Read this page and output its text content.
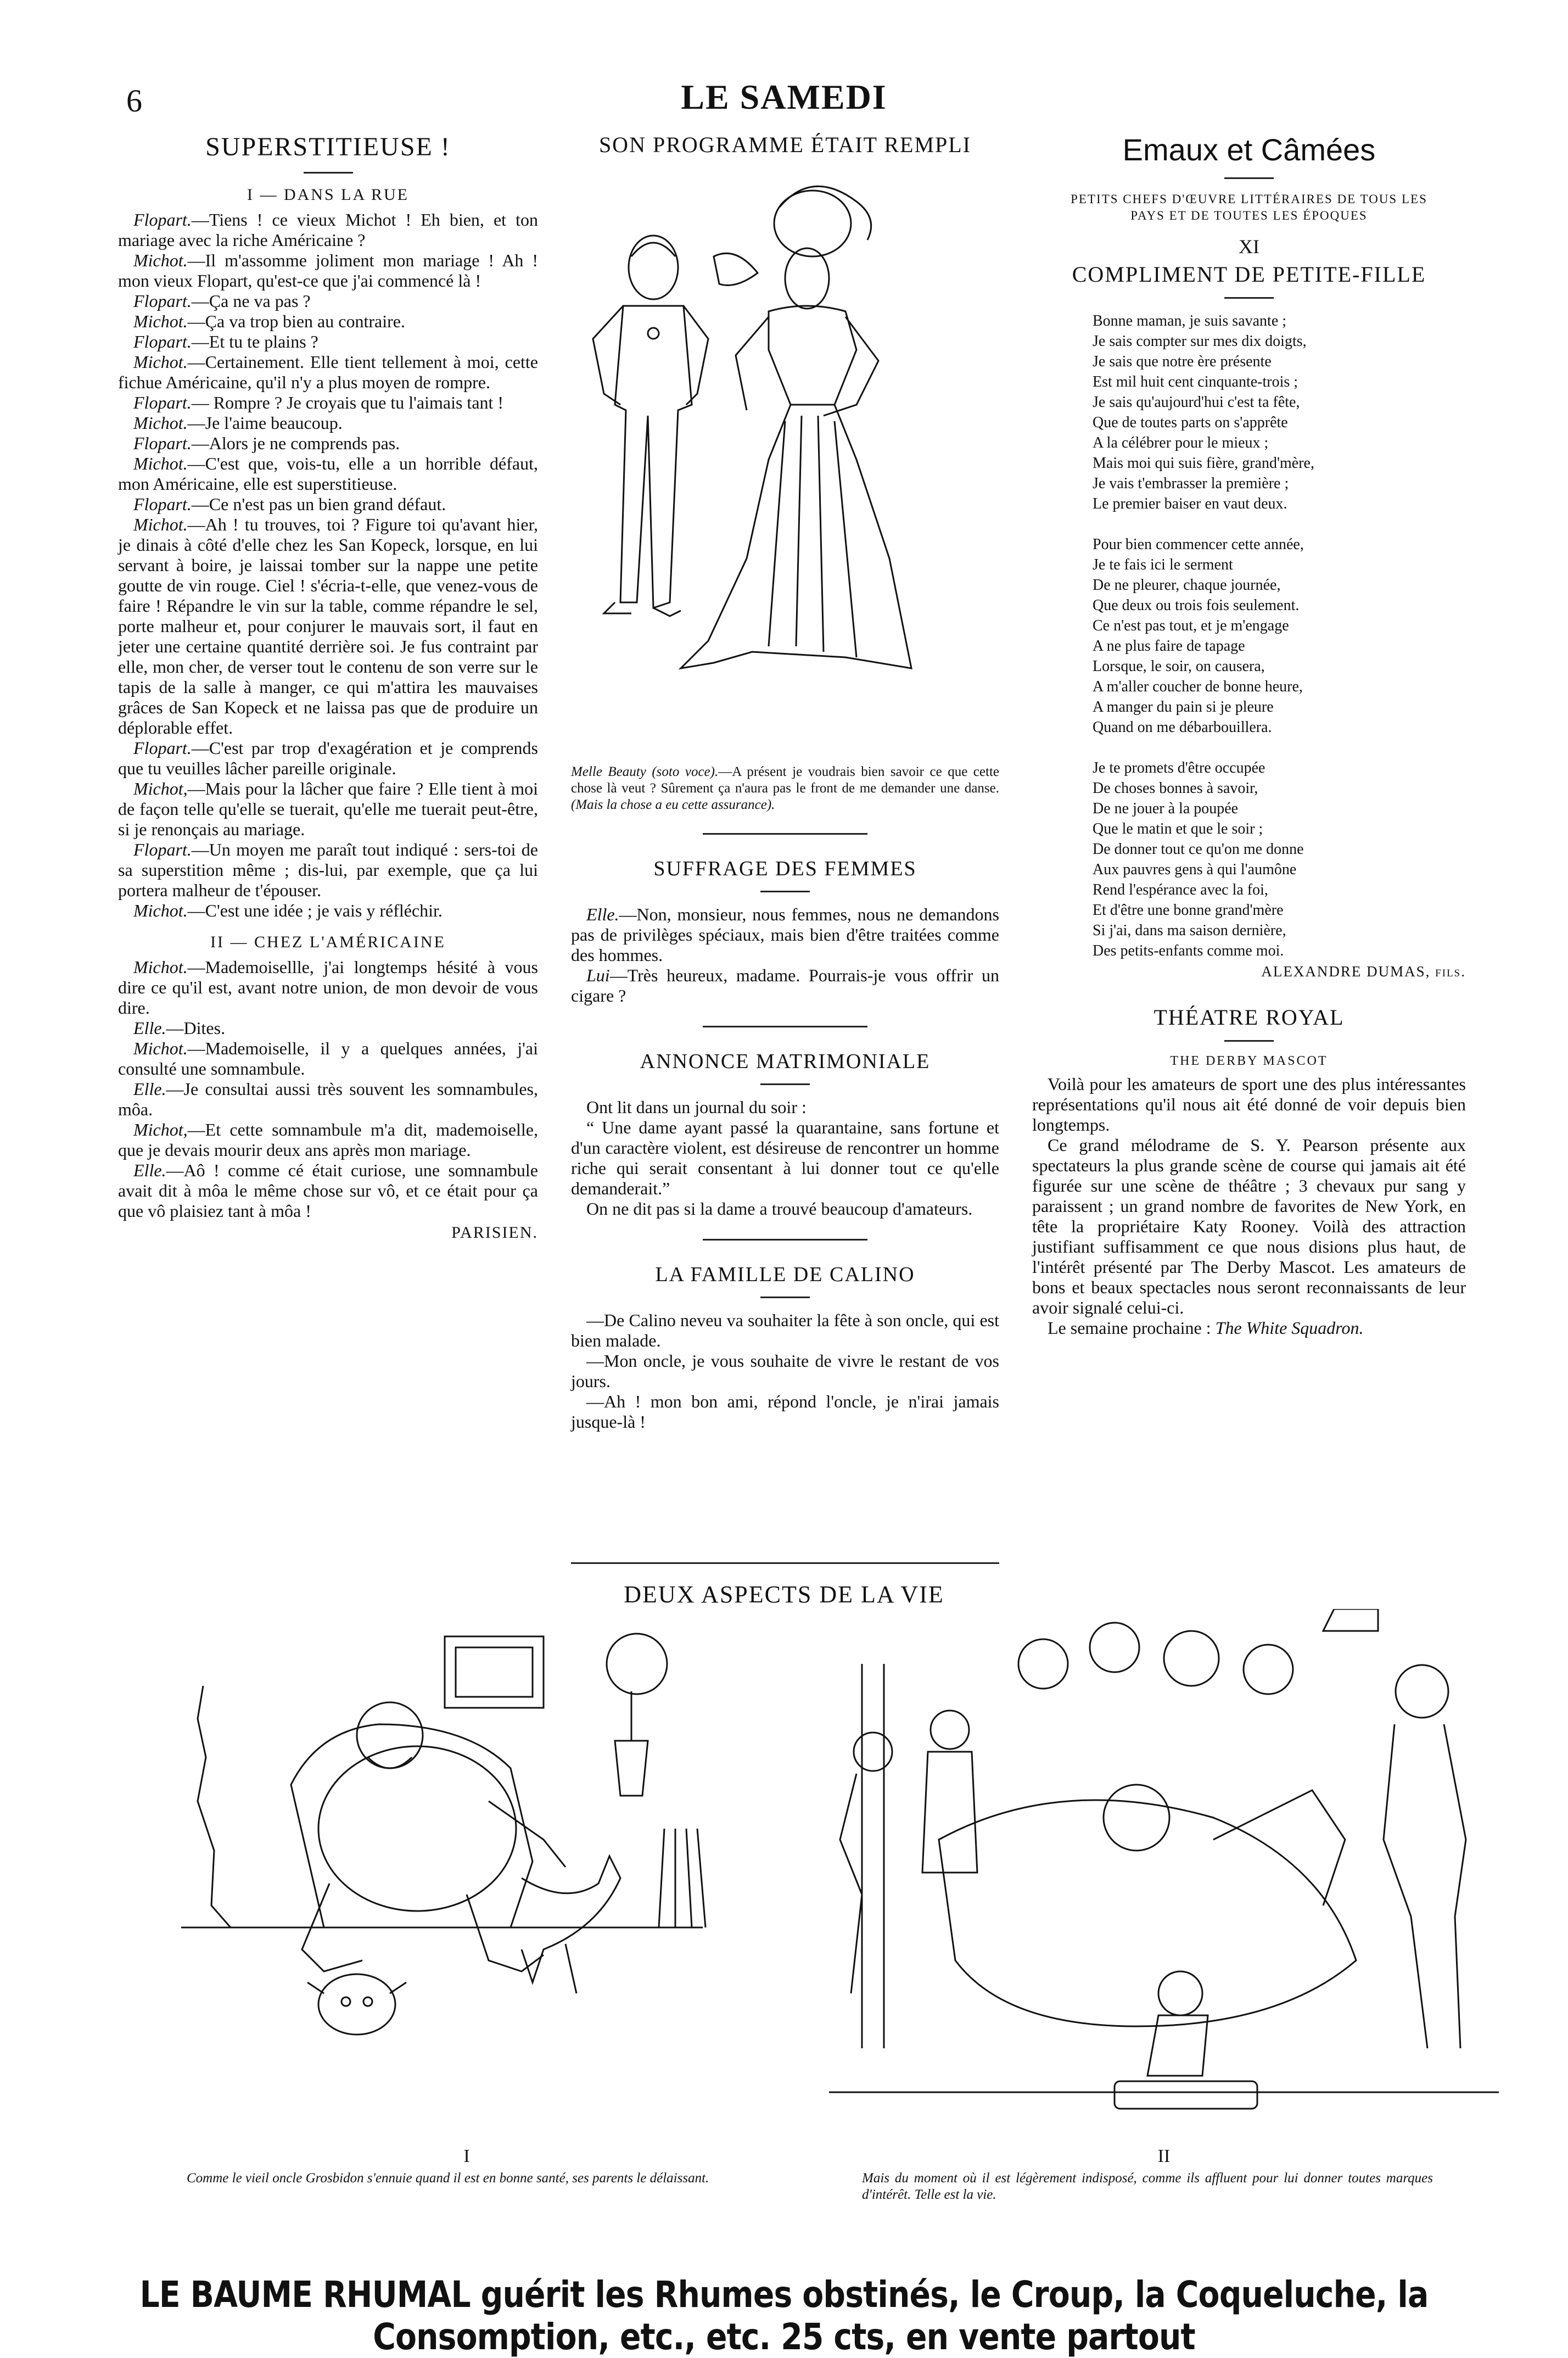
6	LE SAMEDI
SUPERSTITIEUSE !
I — DANS LA RUE

Flopart.—Tiens ! ce vieux Michot ! Eh bien, et ton mariage avec la riche Américaine ?

Michot.—Il m'assomme joliment mon mariage ! Ah ! mon vieux Flopart, qu'est-ce que j'ai commencé là !

Flopart.—Ça ne va pas ?

Michot.—Ça va trop bien au contraire.

Flopart.—Et tu te plains ?

Michot.—Certainement. Elle tient tellement à moi, cette fichue Américaine, qu'il n'y a plus moyen de rompre.

Flopart.— Rompre ? Je croyais que tu l'aimais tant !

Michot.—Je l'aime beaucoup.

Flopart.—Alors je ne comprends pas.

Michot.—C'est que, vois-tu, elle a un horrible défaut, mon Américaine, elle est superstitieuse.

Flopart.—Ce n'est pas un bien grand défaut.

Michot.—Ah ! tu trouves, toi ? Figure toi qu'avant hier, je dinais à côté d'elle chez les San Kopeck, lorsque, en lui servant à boire, je laissai tomber sur la nappe une petite goutte de vin rouge. Ciel ! s'écria-t-elle, que venez-vous de faire ! Répandre le vin sur la table, comme répandre le sel, porte malheur et, pour conjurer le mauvais sort, il faut en jeter une certaine quantité derrière soi. Je fus contraint par elle, mon cher, de verser tout le contenu de son verre sur le tapis de la salle à manger, ce qui m'attira les mauvaises grâces de San Kopeck et ne laissa pas que de produire un déplorable effet.

Flopart.—C'est par trop d'exagération et je comprends que tu veuilles lâcher pareille originale.

Michot,—Mais pour la lâcher que faire ? Elle tient à moi de façon telle qu'elle se tuerait, qu'elle me tuerait peut-être, si je renonçais au mariage.

Flopart.—Un moyen me paraît tout indiqué : sers-toi de sa superstition même ; dis-lui, par exemple, que ça lui portera malheur de t'épouser.

Michot.—C'est une idée ; je vais y réfléchir.

II — CHEZ L'AMÉRICAINE

Michot.—Mademoisellle, j'ai longtemps hésité à vous dire ce qu'il est, avant notre union, de mon devoir de vous dire.

Elle.—Dites.

Michot.—Mademoiselle, il y a quelques années, j'ai consulté une somnambule.

Elle.—Je consultai aussi très souvent les somnambules, môa.

Michot,—Et cette somnambule m'a dit, mademoiselle, que je devais mourir deux ans après mon mariage.

Elle.—Aô ! comme cé était curiose, une somnambule avait dit à môa le même chose sur vô, et ce était pour ça que vô plaisiez tant à môa !

PARISIEN.
SON PROGRAMME ÉTAIT REMPLI
Melle Beauty (soto voce).—A présent je voudrais bien savoir ce que cette chose là veut ? Sûrement ça n'aura pas le front de me demander une danse. (Mais la chose a eu cette assurance).
SUFFRAGE DES FEMMES

Elle.—Non, monsieur, nous femmes, nous ne demandons pas de privilèges spéciaux, mais bien d'être traitées comme des hommes.

Lui—Très heureux, madame. Pourrais-je vous offrir un cigare ?

ANNONCE MATRIMONIALE

Ont lit dans un journal du soir :

“ Une dame ayant passé la quarantaine, sans fortune et d'un caractère violent, est désireuse de rencontrer un homme riche qui serait consentant à lui donner tout ce qu'elle demanderait.”

On ne dit pas si la dame a trouvé beaucoup d'amateurs.

LA FAMILLE DE CALINO

—De Calino neveu va souhaiter la fête à son oncle, qui est bien malade.

—Mon oncle, je vous souhaite de vivre le restant de vos jours.

—Ah ! mon bon ami, répond l'oncle, je n'irai jamais jusque-là !

Emaux et Câmées
PETITS CHEFS D'ŒUVRE LITTÉRAIRES DE TOUS LES PAYS ET DE TOUTES LES ÉPOQUES
XI
COMPLIMENT DE PETITE-FILLE
Bonne maman, je suis savante ;
Je sais compter sur mes dix doigts,
Je sais que notre ère présente
Est mil huit cent cinquante-trois ;
Je sais qu'aujourd'hui c'est ta fête,
Que de toutes parts on s'apprête
A la célébrer pour le mieux ;
Mais moi qui suis fière, grand'mère,
Je vais t'embrasser la première ;
Le premier baiser en vaut deux.
Pour bien commencer cette année,
Je te fais ici le serment
De ne pleurer, chaque journée,
Que deux ou trois fois seulement.
Ce n'est pas tout, et je m'engage
A ne plus faire de tapage
Lorsque, le soir, on causera,
A m'aller coucher de bonne heure,
A manger du pain si je pleure
Quand on me débarbouillera.
Je te promets d'être occupée
De choses bonnes à savoir,
De ne jouer à la poupée
Que le matin et que le soir ;
De donner tout ce qu'on me donne
Aux pauvres gens à qui l'aumône
Rend l'espérance avec la foi,
Et d'être une bonne grand'mère
Si j'ai, dans ma saison dernière,
Des petits-enfants comme moi.
ALEXANDRE DUMAS, fils.
THÉATRE ROYAL
THE DERBY MASCOT

Voilà pour les amateurs de sport une des plus intéressantes représentations qu'il nous ait été donné de voir depuis bien longtemps.

Ce grand mélodrame de S. Y. Pearson présente aux spectateurs la plus grande scène de course qui jamais ait été figurée sur une scène de théâtre ; 3 chevaux pur sang y paraissent ; un grand nombre de favorites de New York, en tête la propriétaire Katy Rooney. Voilà des attraction justifiant suffisamment ce que nous disions plus haut, de l'intérêt présenté par The Derby Mascot. Les amateurs de bons et beaux spectacles nous seront reconnaissants de leur avoir signalé celui-ci.

Le semaine prochaine : The White Squadron.

DEUX ASPECTS DE LA VIE
I
Comme le vieil oncle Grosbidon s'ennuie quand il est en bonne santé, ses parents le délaissant.
II
Mais du moment où il est légèrement indisposé, comme ils affluent pour lui donner toutes marques d'intérêt. Telle est la vie.
LE BAUME RHUMAL guérit les Rhumes obstinés, le Croup, la Coqueluche, la Consomption, etc., etc. 25 cts, en vente partout
